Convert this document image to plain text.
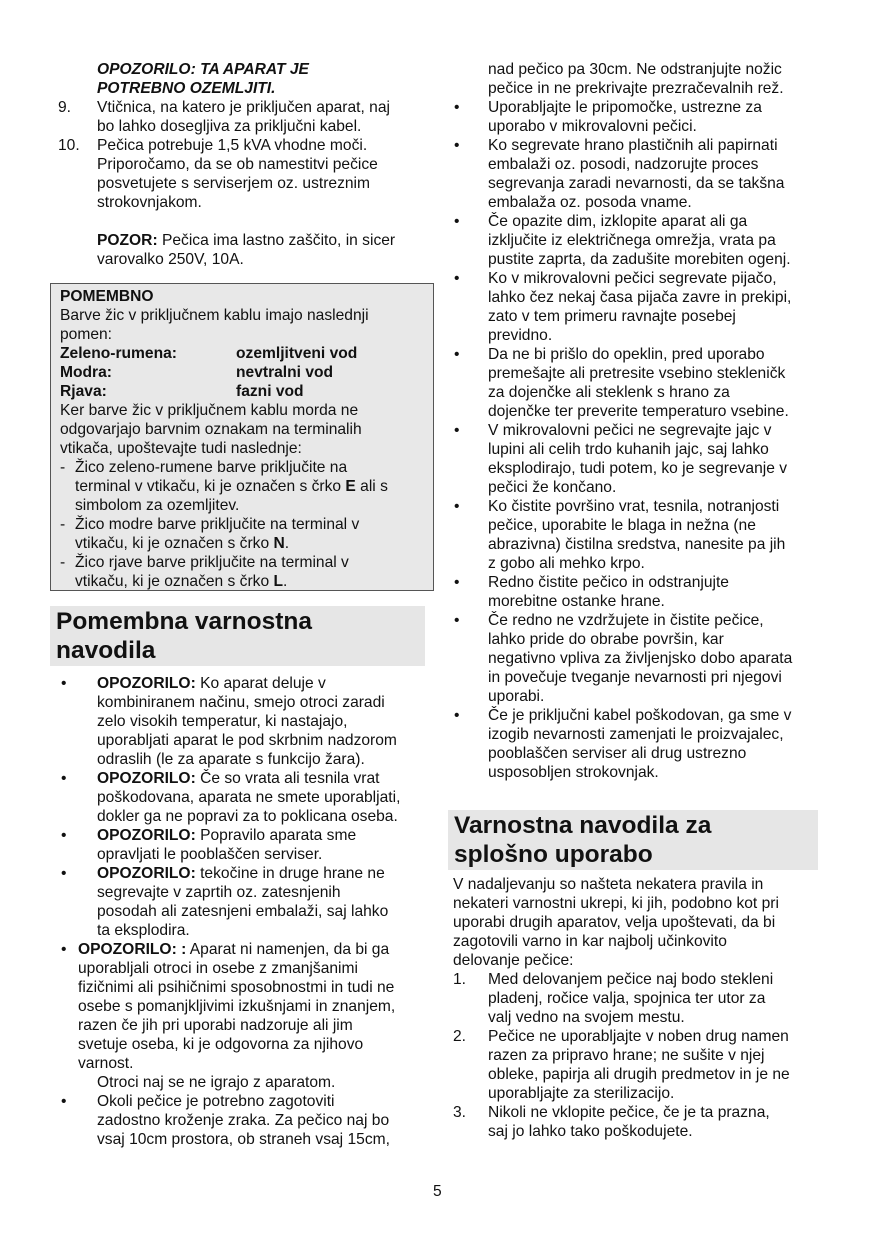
OPOZORILO: TA APARAT JE
POTREBNO OZEMLJITI.
9. Vtičnica, na katero je priključen aparat, naj
bo lahko dosegljiva za priključni kabel.
10. Pečica potrebuje 1,5 kVA vhodne moči.
Priporočamo, da se ob namestitvi pečice
posvetujete s serviserjem oz. ustreznim
strokovnjakom.
POZOR: Pečica ima lastno zaščito, in sicer
varovalko 250V, 10A.
POMEMBNO
Barve žic v priključnem kablu imajo naslednji
pomen:
Zeleno-rumena:	ozemljitveni vod
Modra:	nevtralni vod
Rjava:	fazni vod
Ker barve žic v priključnem kablu morda ne
odgovarjajo barvnim oznakam na terminalih
vtikača, upoštevajte tudi naslednje:
- Žico zeleno-rumene barve priključite na
terminal v vtikaču, ki je označen s črko E ali s
simbolom za ozemljitev.
- Žico modre barve priključite na terminal v
vtikaču, ki je označen s črko N.
- Žico rjave barve priključite na terminal v
vtikaču, ki je označen s črko L.
Pomembna varnostna
navodila
• OPOZORILO: Ko aparat deluje v
kombiniranem načinu, smejo otroci zaradi
zelo visokih temperatur, ki nastajajo,
uporabljati aparat le pod skrbnim nadzorom
odraslih (le za aparate s funkcijo žara).
• OPOZORILO: Če so vrata ali tesnila vrat
poškodovana, aparata ne smete uporabljati,
dokler ga ne popravi za to poklicana oseba.
• OPOZORILO: Popravilo aparata sme
opravljati le pooblaščen serviser.
• OPOZORILO: tekočine in druge hrane ne
segrevajte v zaprtih oz. zatesnjenih
posodah ali zatesnjeni embalaži, saj lahko
ta eksplodira.
• OPOZORILO: : Aparat ni namenjen, da bi ga
uporabljali otroci in osebe z zmanjšanimi
fizičnimi ali psihičnimi sposobnostmi in tudi ne
osebe s pomanjkljivimi izkušnjami in znanjem,
razen če jih pri uporabi nadzoruje ali jim
svetuje oseba, ki je odgovorna za njihovo
varnost.
Otroci naj se ne igrajo z aparatom.
• Okoli pečice je potrebno zagotoviti
zadostno kroženje zraka. Za pečico naj bo
vsaj 10cm prostora, ob straneh vsaj 15cm,
nad pečico pa 30cm. Ne odstranjujte nožic
pečice in ne prekrivajte prezračevalnih rež.
• Uporabljajte le pripomočke, ustrezne za
uporabo v mikrovalovni pečici.
• Ko segrevate hrano plastičnih ali papirnati
embalaži oz. posodi, nadzorujte proces
segrevanja zaradi nevarnosti, da se takšna
embalaža oz. posoda vname.
• Če opazite dim, izklopite aparat ali ga
izključite iz električnega omrežja, vrata pa
pustite zaprta, da zadušite morebiten ogenj.
• Ko v mikrovalovni pečici segrevate pijačo,
lahko čez nekaj časa pijača zavre in prekipi,
zato v tem primeru ravnajte posebej
previdno.
• Da ne bi prišlo do opeklin, pred uporabo
premešajte ali pretresite vsebino stekleničk
za dojenčke ali steklenk s hrano za
dojenčke ter preverite temperaturo vsebine.
• V mikrovalovni pečici ne segrevajte jajc v
lupini ali celih trdo kuhanih jajc, saj lahko
eksplodirajo, tudi potem, ko je segrevanje v
pečici že končano.
• Ko čistite površino vrat, tesnila, notranjosti
pečice, uporabite le blaga in nežna (ne
abrazivna) čistilna sredstva, nanesite pa jih
z gobo ali mehko krpo.
• Redno čistite pečico in odstranjujte
morebitne ostanke hrane.
• Če redno ne vzdržujete in čistite pečice,
lahko pride do obrabe površin, kar
negativno vpliva za življenjsko dobo aparata
in povečuje tveganje nevarnosti pri njegovi
uporabi.
• Če je priključni kabel poškodovan, ga sme v
izogib nevarnosti zamenjati le proizvajalec,
pooblaščen serviser ali drug ustrezno
usposobljen strokovnjak.
Varnostna navodila za
splošno uporabo
V nadaljevanju so našteta nekatera pravila in
nekateri varnostni ukrepi, ki jih, podobno kot pri
uporabi drugih aparatov, velja upoštevati, da bi
zagotovili varno in kar najbolj učinkovito
delovanje pečice:
1. Med delovanjem pečice naj bodo stekleni
pladenj, ročice valja, spojnica ter utor za
valj vedno na svojem mestu.
2. Pečice ne uporabljajte v noben drug namen
razen za pripravo hrane; ne sušite v njej
obleke, papirja ali drugih predmetov in je ne
uporabljajte za sterilizacijo.
3. Nikoli ne vklopite pečice, če je ta prazna,
saj jo lahko tako poškodujete.
5
